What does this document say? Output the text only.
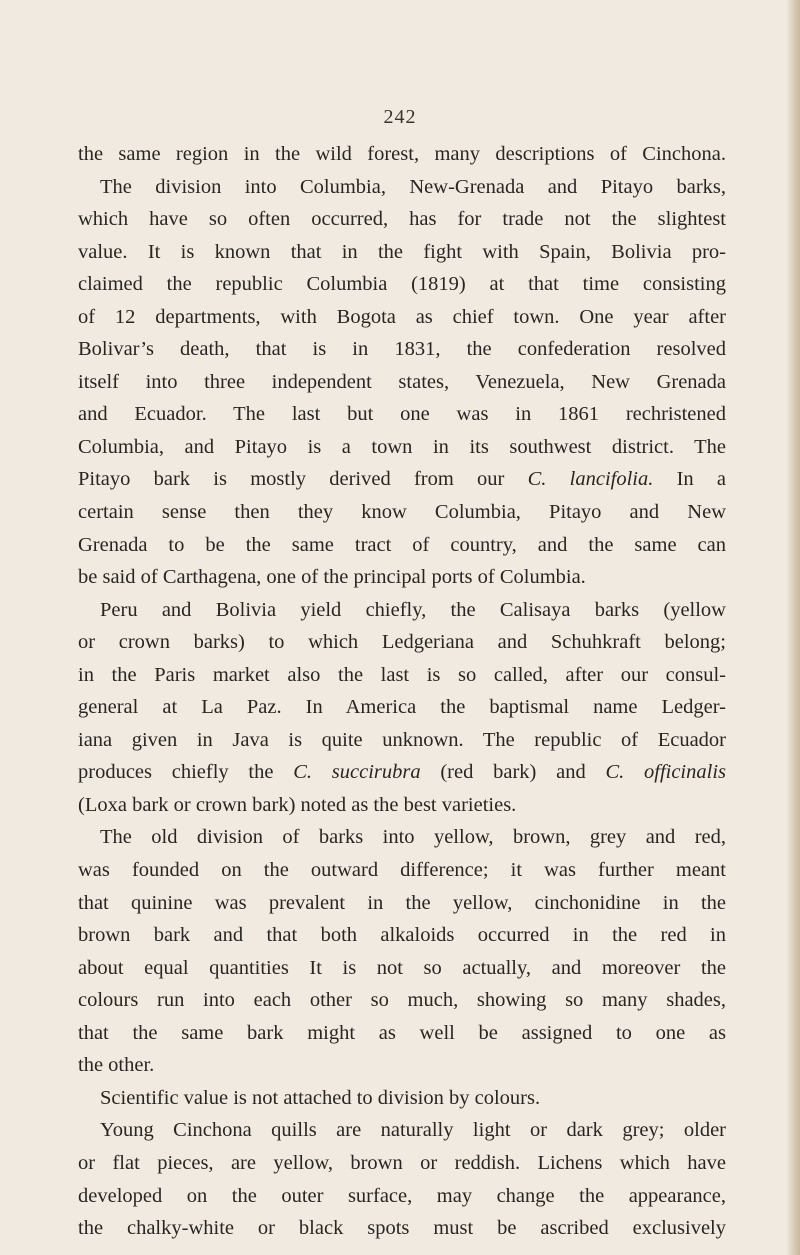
242
the same region in the wild forest, many descriptions of Cinchona.
The division into Columbia, New-Grenada and Pitayo barks,
which have so often occurred, has for trade not the slightest
value. It is known that in the fight with Spain, Bolivia pro-
claimed the republic Columbia (1819) at that time consisting
of 12 departments, with Bogota as chief town. One year after
Bolivar’s death, that is in 1831, the confederation resolved
itself into three independent states, Venezuela, New Grenada
and Ecuador. The last but one was in 1861 rechristened
Columbia, and Pitayo is a town in its southwest district. The
Pitayo bark is mostly derived from our C. lancifolia. In a
certain sense then they know Columbia, Pitayo and New
Grenada to be the same tract of country, and the same can
be said of Carthagena, one of the principal ports of Columbia.
Peru and Bolivia yield chiefly, the Calisaya barks (yellow
or crown barks) to which Ledgeriana and Schuhkraft belong;
in the Paris market also the last is so called, after our consul-
general at La Paz. In America the baptismal name Ledger-
iana given in Java is quite unknown. The republic of Ecuador
produces chiefly the C. succirubra (red bark) and C. officinalis
(Loxa bark or crown bark) noted as the best varieties.
The old division of barks into yellow, brown, grey and red,
was founded on the outward difference; it was further meant
that quinine was prevalent in the yellow, cinchonidine in the
brown bark and that both alkaloids occurred in the red in
about equal quantities It is not so actually, and moreover the
colours run into each other so much, showing so many shades,
that the same bark might as well be assigned to one as
the other.
Scientific value is not attached to division by colours.
Young Cinchona quills are naturally light or dark grey; older
or flat pieces, are yellow, brown or reddish. Lichens which have
developed on the outer surface, may change the appearance,
the chalky-white or black spots must be ascribed exclusively
